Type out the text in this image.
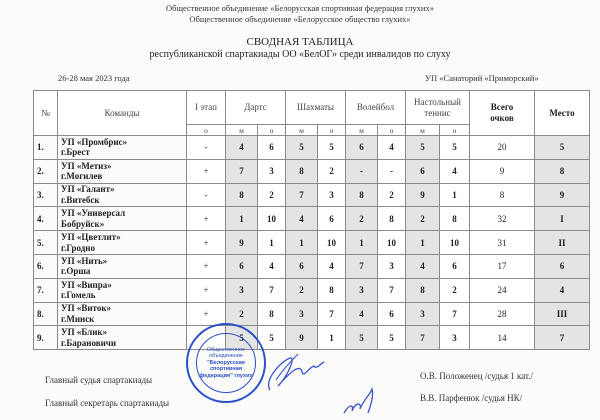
Общественное объединение «Белорусская спортивная федерация глухих»
Общественное объединение «Белорусское общество глухих»
СВОДНАЯ ТАБЛИЦА
республиканской спартакиады ОО «БелОГ» среди инвалидов по слуху
26-28 мая 2023 года	УП «Санаторий «Приморский»
№	Команды	I этап	Дартс		Шахматы		Волейбол		Настольный теннис		Всего очков	Место
		о	м	о	м	о	м	о	м	о		
1.	УП «Промбрис»
г.Брест	-	4	6	5	5	6	4	5	5	20	5
2.	УП «Метиз»
г.Могилев	+	7	3	8	2	-	-	6	4	9	8
3.	УП «Галант»
г.Витебск	-	8	2	7	3	8	2	9	1	8	9
4.	УП «Универсал
Бобруйск»	+	1	10	4	6	2	8	2	8	32	I
5.	УП «Цветлит»
г.Гродно	+	9	1	1	10	1	10	1	10	31	II
6.	УП «Нить»
г.Орша	+	6	4	6	4	7	3	4	6	17	6
7.	УП «Випра»
г.Гомель	+	3	7	2	8	3	7	8	2	24	4
8.	УП «Виток»
г.Минск	+	2	8	3	7	4	6	3	7	28	III
9.	УП «Блик»
г.Барановичи		5	5	9	1	5	5	7	3	14	7
Главный судья спартакиады
Главный секретарь спартакиады
О.В. Положенец /судья 1 кат./
В.В. Парфенюк /судья НК/
Общественное объединение
"Белорусская спортивная федерация" глухих
